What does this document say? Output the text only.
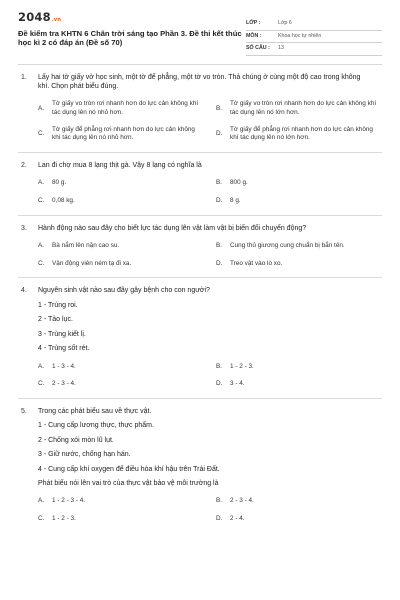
2048.vn
Đề kiểm tra KHTN 6 Chân trời sáng tạo Phần 3. Đề thi kết thúc học kì 2 có đáp án (Đề số 70)
LỚP :	Lớp 6
MÔN :	Khoa học tự nhiên
SỐ CÂU :	13
1.	Lấy hai tờ giấy vở học sinh, một tờ để phẳng, một tờ vo tròn. Thả chúng ở cùng một độ cao trong không khí. Chọn phát biểu đúng.
A.
Tờ giấy vo tròn rơi nhanh hơn do lực cản không khí tác dụng lên nó nhỏ hơn.
B.
Tờ giấy vo tròn rơi nhanh hơn do lực cản không khí tác dụng lên nó lớn hơn.
C.
Tờ giấy để phẳng rơi nhanh hơn do lực cản không khí tác dụng lên nó nhỏ hơn.
D.
Tờ giấy để phẳng rơi nhanh hơn do lực cản không khí tác dụng lên nó lớn hơn.
2.	Lan đi chợ mua 8 lạng thịt gà. Vậy 8 lạng có nghĩa là
A.	80 g.	B.	800 g.
C.	0,08 kg.	D.	8 g.
3.	Hành động nào sau đây cho biết lực tác dụng lên vật làm vật bị biến đổi chuyển động?
A.	Bà nắm lên nặn cao su.	B.	Cung thủ giương cung chuẩn bị bắn tên.
C.	Vận động viên ném tạ đi xa.	D.	Treo vật vào lò xo.
4.	Nguyên sinh vật nào sau đây gây bệnh cho con người?
1 - Trùng roi.
2 - Tảo lục.
3 - Trùng kiết lị.
4 - Trùng sốt rét.
A.	1 - 3 - 4.	B.	1 - 2 - 3.
C.	2 - 3 - 4.	D.	3 - 4.
5.	Trong các phát biểu sau về thực vật.
1 - Cung cấp lương thực, thực phẩm.
2 - Chống xói mòn lũ lụt.
3 - Giữ nước, chống hạn hán.
4 - Cung cấp khí oxygen để điều hòa khí hậu trên Trái Đất.
Phát biểu nói lên vai trò của thực vật bảo vệ môi trường là
A.	1 - 2 - 3 - 4.	B.	2 - 3 - 4.
C.	1 - 2 - 3.	D.	2 - 4.
